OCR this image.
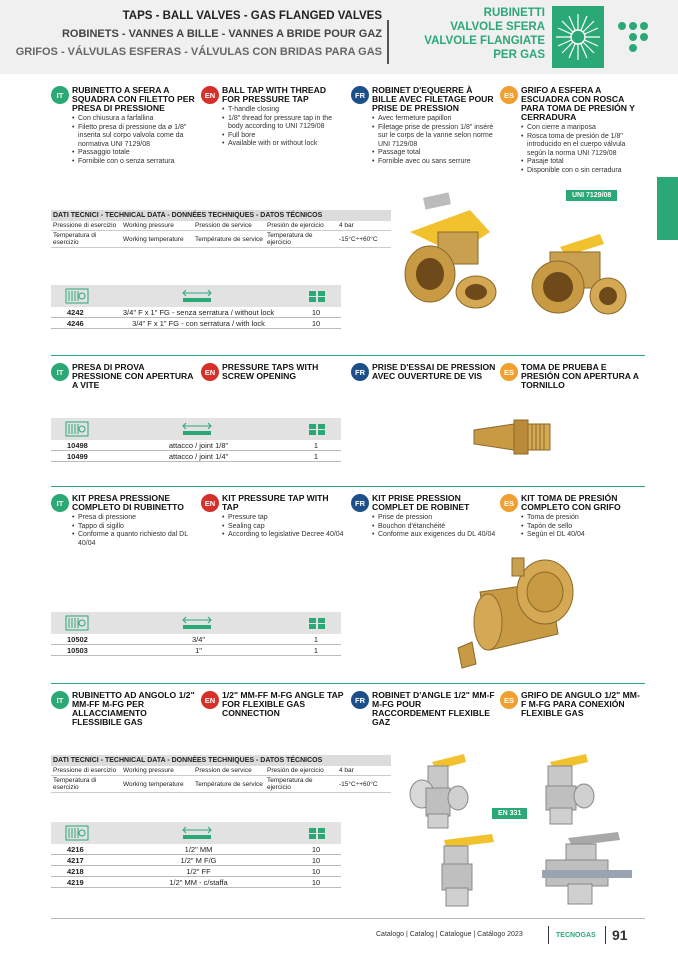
TAPS - BALL VALVES - GAS FLANGED VALVES
ROBINETS - VANNES A BILLE - VANNES A BRIDE POUR GAZ
GRIFOS - VÁLVULAS ESFERAS - VÁLVULAS CON BRIDAS PARA GAS
RUBINETTI
VALVOLE SFERA
VALVOLE FLANGIATE
PER GAS
IT	RUBINETTO A SFERA A SQUADRA CON FILETTO PER PRESA DI PRESSIONE
• Con chiusura a farfallina
• Filetto presa di pressione da ø 1/8" inserita sul corpo valvola come da normativa UNI 7129/08
• Passaggio totale
• Fornibile con o senza serratura
EN BALL TAP WITH THREAD FOR PRESSURE TAP
• T-handle closing
• 1/8" thread for pressure tap in the body according to UNI 7129/08
• Full bore
• Available with or without lock
FR ROBINET D'EQUERRE À BILLE AVEC FILETAGE POUR PRISE DE PRESSION
• Avec fermeture papillon
• Filetage prise de pression 1/8" inséré sur le corps de la vanne selon norme UNI 7129/08
• Passage total
• Fornible avec ou sans serrure
ES GRIFO A ESFERA A ESCUADRA CON ROSCA PARA TOMA DE PRESIÓN Y CERRADURA
• Con cierre a mariposa
• Rosca toma de presión de 1/8" introducido en el cuerpo válvula según la norma UNI 7129/08
• Pasaje total
• Disponible con o sin cerradura
UNI 7129/08
DATI TECNICI - TECHNICAL DATA - DONNÉES TECHNIQUES - DATOS TÉCNICOS
Pressione di esercizio	Working pressure	Pression de service	Presión de ejercicio	4 bar
Temperatura di esercizio	Working temperature	Température de service Temperatura de ejercicio	-15°C÷+60°C
4242	3/4" F x 1" FG - senza serratura / without lock	10
4246	3/4" F x 1" FG - con serratura / with lock	10
IT	PRESA DI PROVA PRESSIONE CON APERTURA A VITE
EN PRESSURE TAPS WITH SCREW OPENING	FR PRISE D'ESSAI DE PRESSION AVEC OUVERTURE DE VIS	ES TOMA DE PRUEBA E PRESIÓN CON APERTURA A TORNILLO
10498	attacco / joint 1/8"	1
10499	attacco / joint 1/4"	1
IT	KIT PRESA PRESSIONE COMPLETO DI RUBINETTO
• Presa di pressione
• Tappo di sigillo
• Conforme a quanto richiesto dal DL 40/04
EN KIT PRESSURE TAP WITH TAP
• Pressure tap
• Sealing cap
• According to legislative Decree 40/04
FR KIT PRISE PRESSION COMPLET DE ROBINET
• Prise de pression
• Bouchon d'étanchéité
• Conforme aux exigences du DL 40/04
ES KIT TOMA DE PRESIÓN COMPLETO CON GRIFO
• Toma de presión
• Tapón de sello
• Según el DL 40/04
10502	3/4"	1
10503	1"	1
IT	RUBINETTO AD ANGOLO 1/2" MM-FF M-FG PER ALLACCIAMENTO FLESSIBILE GAS
EN 1/2" MM-FF M-FG ANGLE TAP FOR FLEXIBLE GAS CONNECTION
FR ROBINET D'ANGLE 1/2" MM-F M-FG POUR RACCORDEMENT FLEXIBLE GAZ
ES GRIFO DE ANGULO 1/2" MM-F M-FG PARA CONEXIÓN FLEXIBLE GAS
DATI TECNICI - TECHNICAL DATA - DONNÉES TECHNIQUES - DATOS TÉCNICOS
Pressione di esercizio	Working pressure	Pression de service	Presión de ejercicio	4 bar
Temperatura di esercizio	Working temperature	Température de service Temperatura de ejercicio	-15°C÷+60°C
EN 331
4216	1/2" MM	10
4217	1/2" M F/G	10
4218	1/2" FF	10
4219	1/2" MM - c/staffa	10
Catalogo | Catalog | Catalogue | Catálogo 2023	TECNOGAS 91
